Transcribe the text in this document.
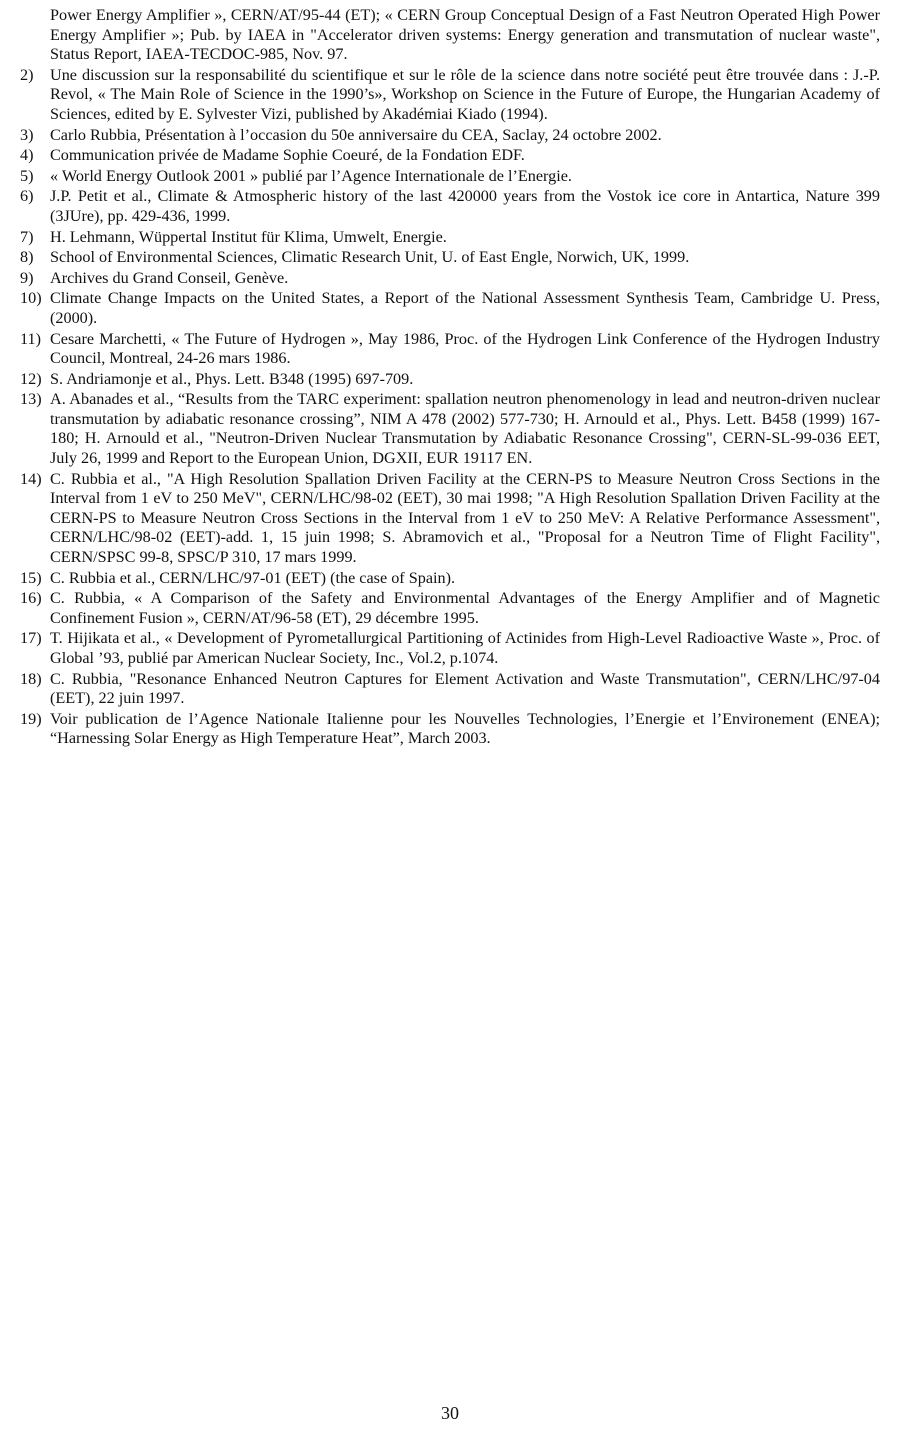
Power Energy Amplifier », CERN/AT/95-44 (ET); « CERN Group Conceptual Design of a Fast Neutron Operated High Power Energy Amplifier »; Pub. by IAEA in "Accelerator driven systems: Energy generation and transmutation of nuclear waste", Status Report, IAEA-TECDOC-985, Nov. 97.
2)	Une discussion sur la responsabilité du scientifique et sur le rôle de la science dans notre société peut être trouvée dans : J.-P. Revol, « The Main Role of Science in the 1990’s», Workshop on Science in the Future of Europe, the Hungarian Academy of Sciences, edited by E. Sylvester Vizi, published by Akadémiai Kiado (1994).
3)	Carlo Rubbia, Présentation à l’occasion du 50e anniversaire du CEA, Saclay, 24 octobre 2002.
4)	Communication privée de Madame Sophie Coeuré, de la Fondation EDF.
5)	« World Energy Outlook 2001 » publié par l’Agence Internationale de l’Energie.
6)	J.P. Petit et al., Climate & Atmospheric history of the last 420000 years from the Vostok ice core in Antartica, Nature 399 (3JUre), pp. 429-436, 1999.
7)	H. Lehmann, Wüppertal Institut für Klima, Umwelt, Energie.
8)	School of Environmental Sciences, Climatic Research Unit, U. of East Engle, Norwich, UK, 1999.
9)	Archives du Grand Conseil, Genève.
10) Climate Change Impacts on the United States, a Report of the National Assessment Synthesis Team, Cambridge U. Press, (2000).
11) Cesare Marchetti, « The Future of Hydrogen », May 1986, Proc. of the Hydrogen Link Conference of the Hydrogen Industry Council, Montreal, 24-26 mars 1986.
12) S. Andriamonje et al., Phys. Lett. B348 (1995) 697-709.
13) A. Abanades et al., “Results from the TARC experiment: spallation neutron phenomenology in lead and neutron-driven nuclear transmutation by adiabatic resonance crossing”, NIM A 478 (2002) 577-730; H. Arnould et al., Phys. Lett. B458 (1999) 167-180; H. Arnould et al., "Neutron-Driven Nuclear Transmutation by Adiabatic Resonance Crossing", CERN-SL-99-036 EET, July 26, 1999 and Report to the European Union, DGXII, EUR 19117 EN.
14) C. Rubbia et al., "A High Resolution Spallation Driven Facility at the CERN-PS to Measure Neutron Cross Sections in the Interval from 1 eV to 250 MeV", CERN/LHC/98-02 (EET), 30 mai 1998; "A High Resolution Spallation Driven Facility at the CERN-PS to Measure Neutron Cross Sections in the Interval from 1 eV to 250 MeV: A Relative Performance Assessment", CERN/LHC/98-02 (EET)-add. 1, 15 juin 1998; S. Abramovich et al., "Proposal for a Neutron Time of Flight Facility", CERN/SPSC 99-8, SPSC/P 310, 17 mars 1999.
15) C. Rubbia et al., CERN/LHC/97-01 (EET) (the case of Spain).
16) C. Rubbia, « A Comparison of the Safety and Environmental Advantages of the Energy Amplifier and of Magnetic Confinement Fusion », CERN/AT/96-58 (ET), 29 décembre 1995.
17) T. Hijikata et al., « Development of Pyrometallurgical Partitioning of Actinides from High-Level Radioactive Waste », Proc. of Global ’93, publié par American Nuclear Society, Inc., Vol.2, p.1074.
18) C. Rubbia, "Resonance Enhanced Neutron Captures for Element Activation and Waste Transmutation", CERN/LHC/97-04 (EET), 22 juin 1997.
19) Voir publication de l’Agence Nationale Italienne pour les Nouvelles Technologies, l’Energie et l’Environement (ENEA); “Harnessing Solar Energy as High Temperature Heat”, March 2003.
30
